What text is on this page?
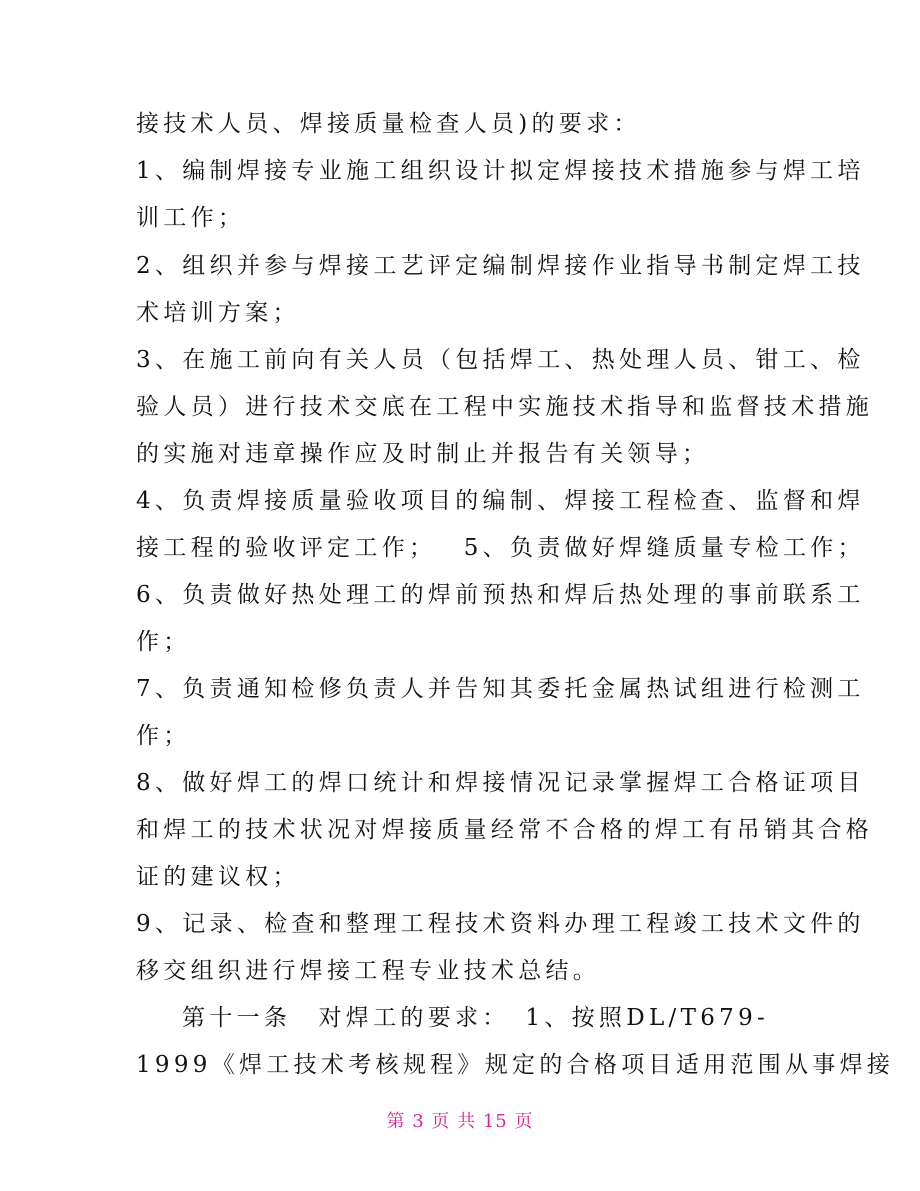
接技术人员、焊接质量检查人员)的要求：
1、编制焊接专业施工组织设计拟定焊接技术措施参与焊工培
训工作；
2、组织并参与焊接工艺评定编制焊接作业指导书制定焊工技
术培训方案；
3、在施工前向有关人员（包括焊工、热处理人员、钳工、检
验人员）进行技术交底在工程中实施技术指导和监督技术措施
的实施对违章操作应及时制止并报告有关领导；
4、负责焊接质量验收项目的编制、焊接工程检查、监督和焊
接工程的验收评定工作；　 5、负责做好焊缝质量专检工作；
6、负责做好热处理工的焊前预热和焊后热处理的事前联系工
作；
7、负责通知检修负责人并告知其委托金属热试组进行检测工
作；
8、做好焊工的焊口统计和焊接情况记录掌握焊工合格证项目
和焊工的技术状况对焊接质量经常不合格的焊工有吊销其合格
证的建议权；
9、记录、检查和整理工程技术资料办理工程竣工技术文件的
移交组织进行焊接工程专业技术总结。
第十一条　对焊工的要求：　1、按照DL/T679-
1999《焊工技术考核规程》规定的合格项目适用范围从事焊接
第 3 页 共 15 页
